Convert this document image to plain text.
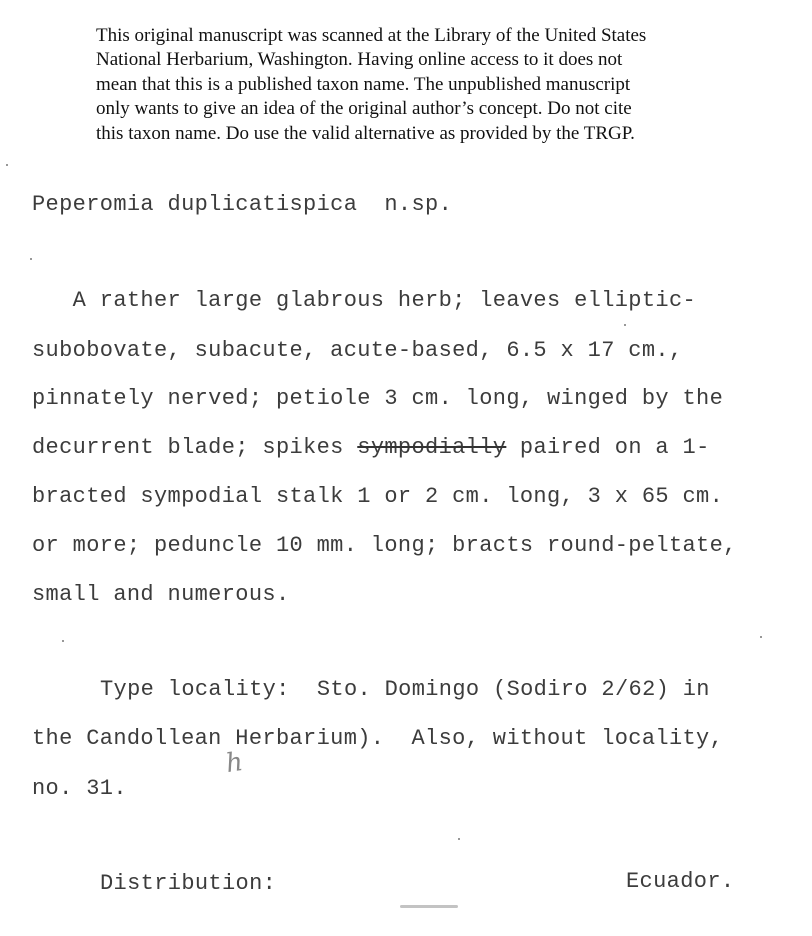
This original manuscript was scanned at the Library of the United States
National Herbarium, Washington. Having online access to it does not
mean that this is a published taxon name. The unpublished manuscript
only wants to give an idea of the original author’s concept. Do not cite
this taxon name. Do use the valid alternative as provided by the TRGP.
Peperomia duplicatispica  n.sp.
A rather large glabrous herb; leaves elliptic-
subobovate, subacute, acute-based, 6.5 x 17 cm.,
pinnately nerved; petiole 3 cm. long, winged by the
decurrent blade; spikes sympodially paired on a 1-
bracted sympodial stalk 1 or 2 cm. long, 3 x 65 cm.
or more; peduncle 10 mm. long; bracts round-peltate,
small and numerous.
Type locality:  Sto. Domingo (Sodiro 2/62) in
the Candollean Herbarium).  Also, without locality,
no. 31.
Distribution:	Ecuador.
ℎ
